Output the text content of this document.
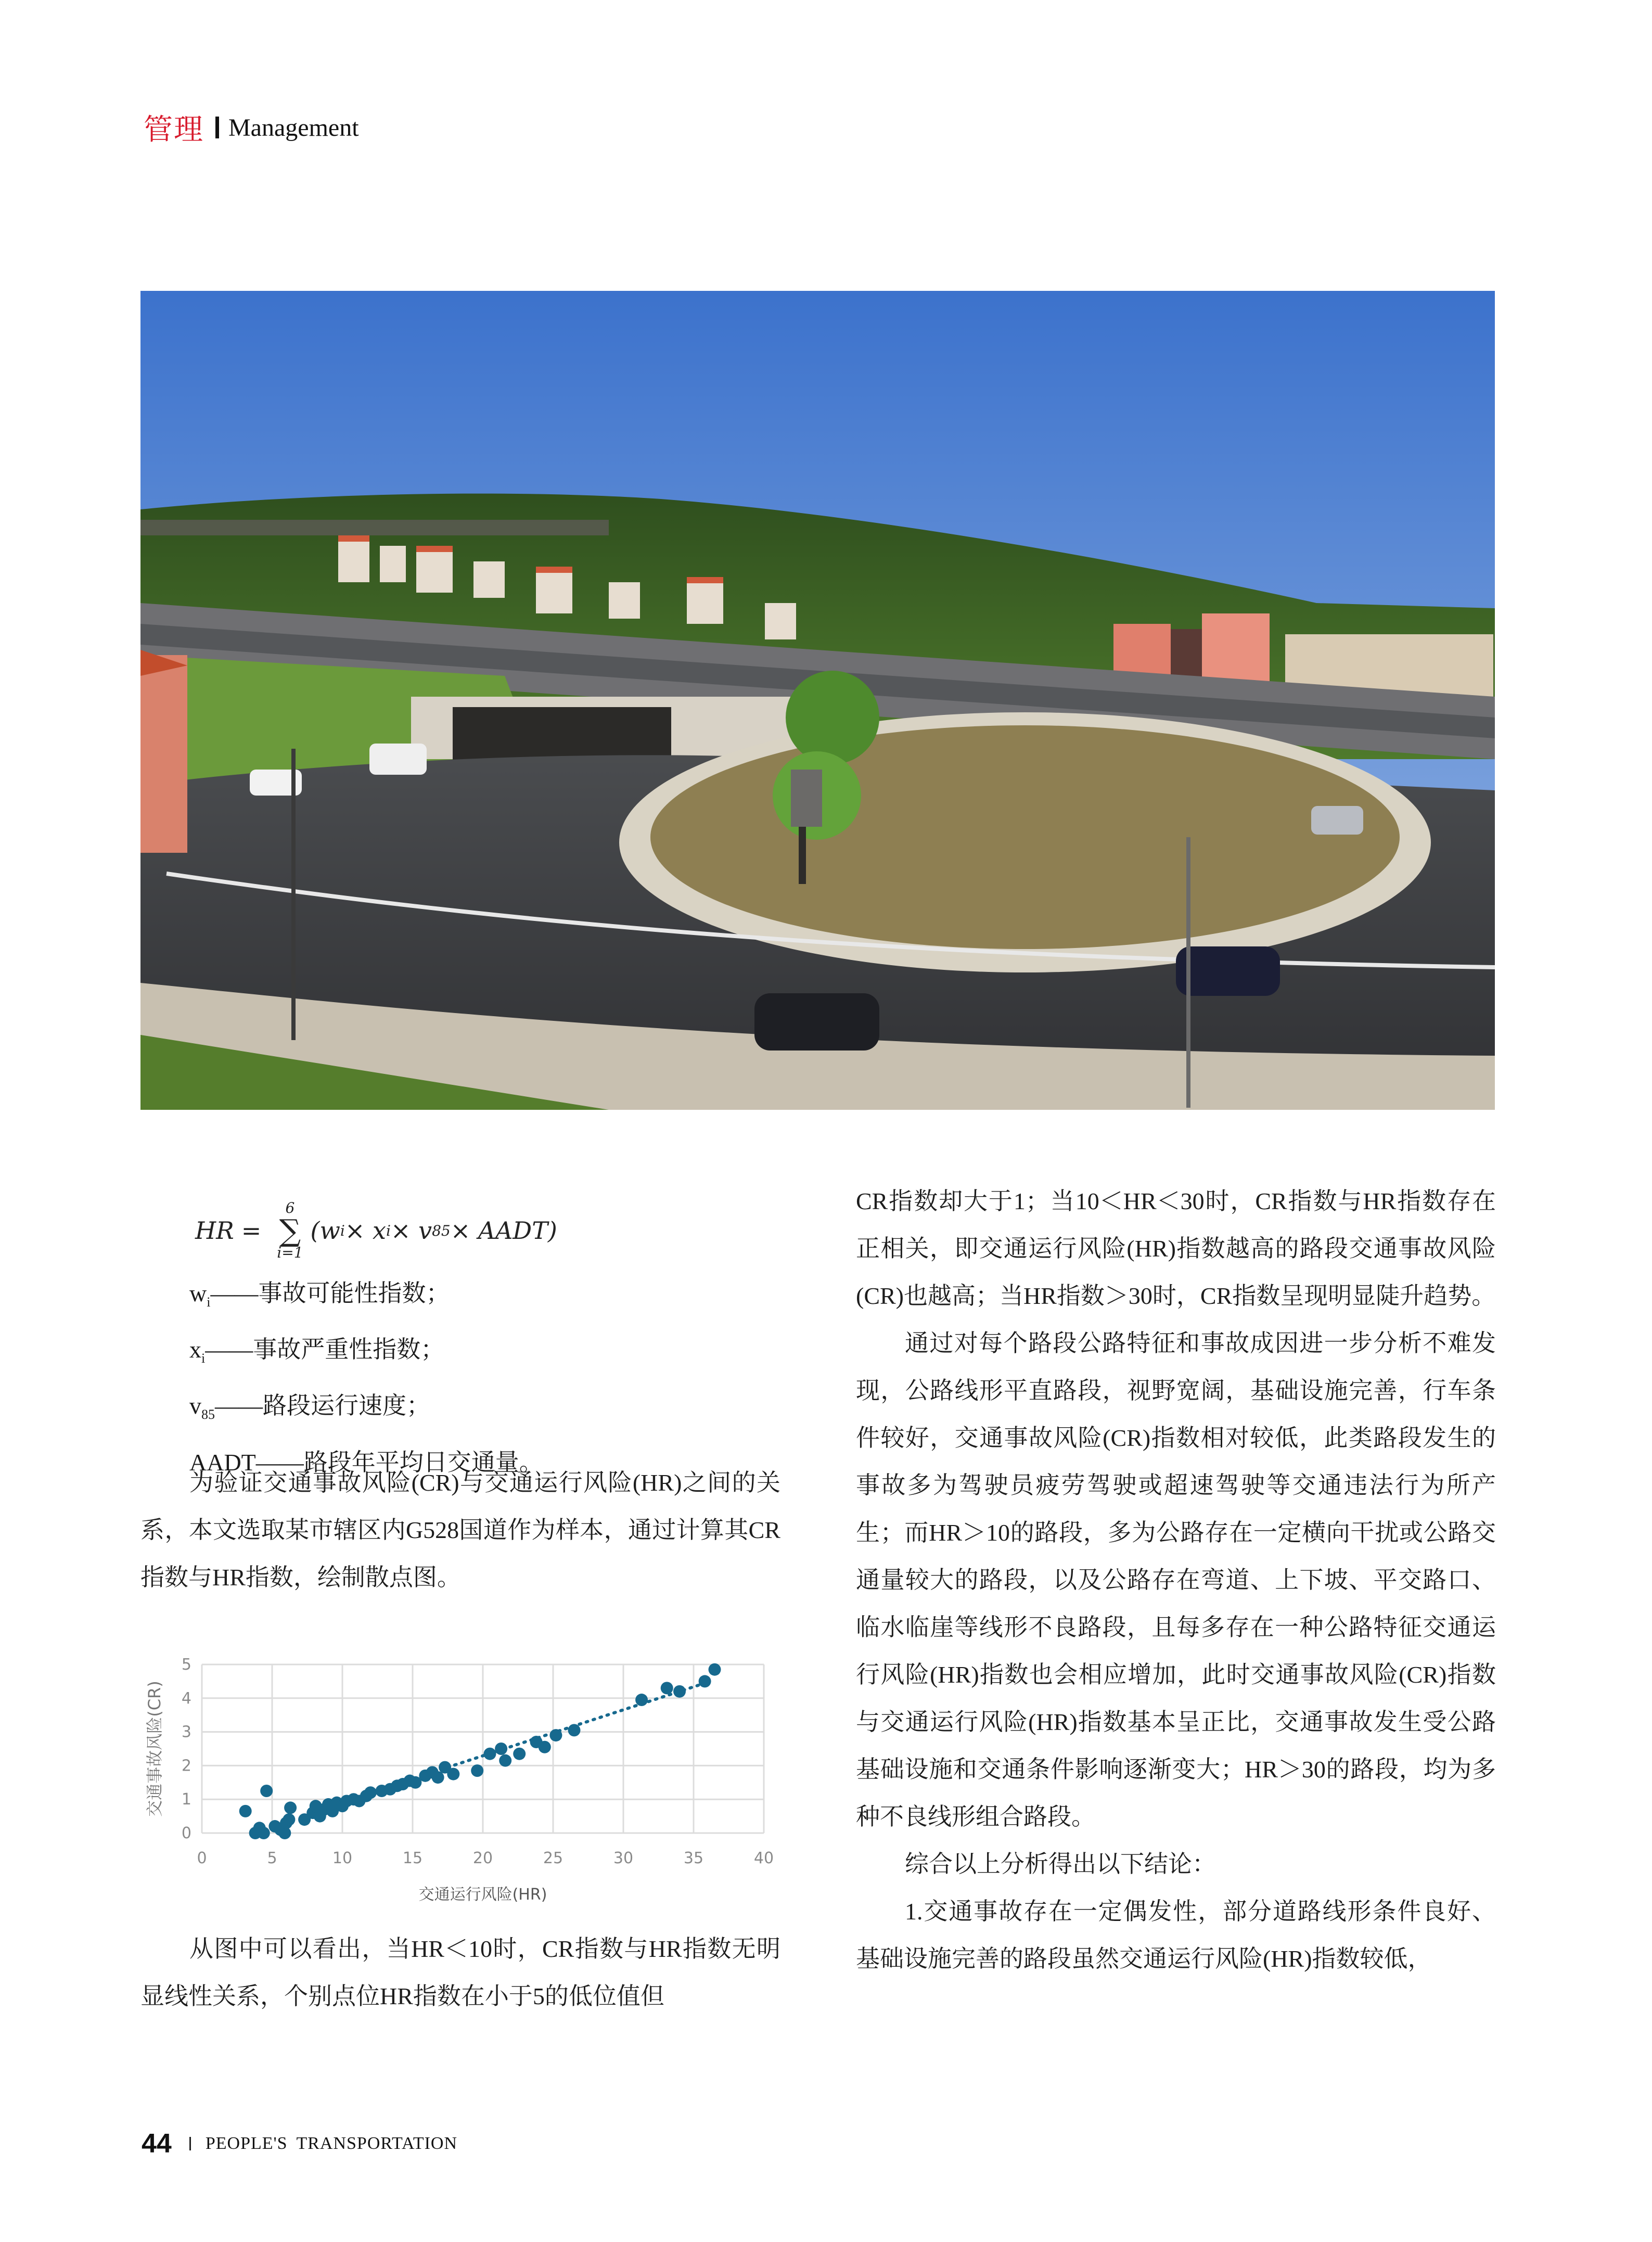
管理 Management
HR =
6
∑
i=1
(w i × x i × v 85 × AADT)
$w_i——$事故可能性指数；
$x_i——$事故严重性指数；
$v_{85}——$路段运行速度；
AADT——路段年平均日交通量。

为验证交通事故风险(CR)与交通运行风险(HR)之间的关系，本文选取某市辖区内G528国道作为样本，通过计算其CR指数与HR指数，绘制散点图。

0	5	10	15	20	25	30	35	40
0
1
2
3
4
5
交通运行风险(HR)
交通事故风险(CR)

从图中可以看出，当HR＜10时，CR指数与HR指数无明显线性关系，个别点位HR指数在小于5的低位值但

CR指数却大于1；当10＜HR＜30时，CR指数与HR指数存在正相关，即交通运行风险(HR)指数越高的路段交通事故风险(CR)也越高；当HR指数＞30时，CR指数呈现明显陡升趋势。

通过对每个路段公路特征和事故成因进一步分析不难发现，公路线形平直路段，视野宽阔，基础设施完善，行车条件较好，交通事故风险(CR)指数相对较低，此类路段发生的事故多为驾驶员疲劳驾驶或超速驾驶等交通违法行为所产生；而HR＞10的路段，多为公路存在一定横向干扰或公路交通量较大的路段，以及公路存在弯道、上下坡、平交路口、临水临崖等线形不良路段，且每多存在一种公路特征交通运行风险(HR)指数也会相应增加，此时交通事故风险(CR)指数与交通运行风险(HR)指数基本呈正比，交通事故发生受公路基础设施和交通条件影响逐渐变大；HR＞30的路段，均为多种不良线形组合路段。

综合以上分析得出以下结论：

1.交通事故存在一定偶发性，部分道路线形条件良好、基础设施完善的路段虽然交通运行风险(HR)指数较低，

44 PEOPLE'S TRANSPORTATION
